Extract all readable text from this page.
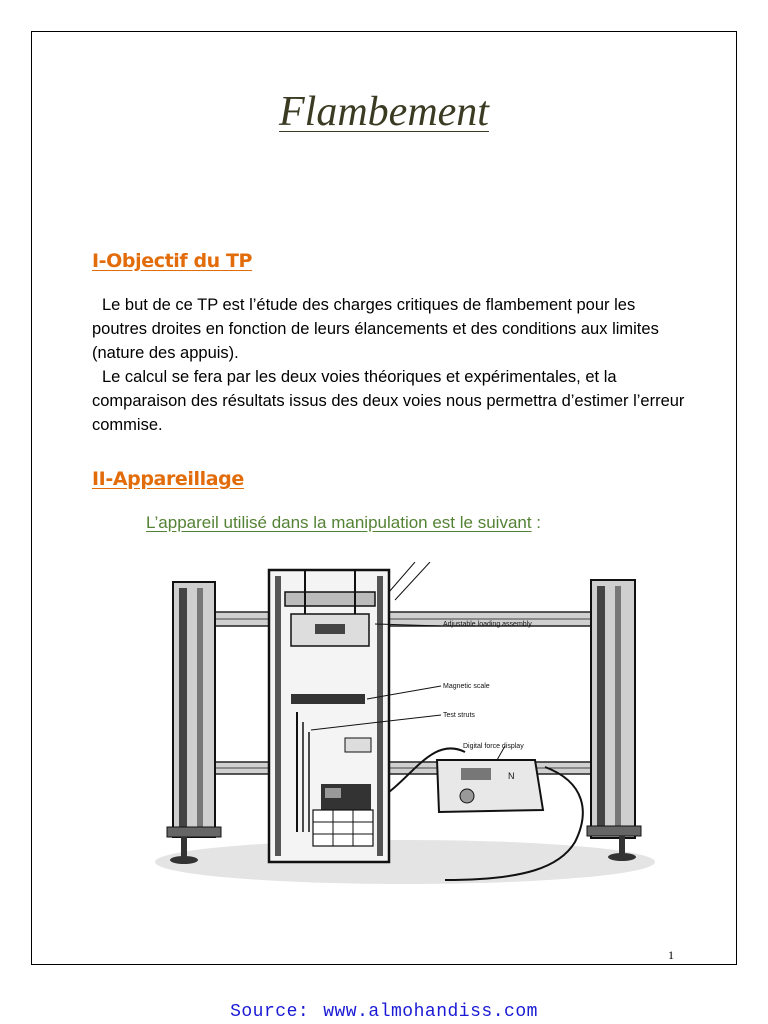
Flambement
I-Objectif du TP

Le but de ce TP est l’étude des charges critiques de flambement pour les poutres droites en fonction de leurs élancements et des conditions aux limites (nature des appuis).

Le calcul se fera par les deux voies théoriques et expérimentales, et la comparaison des résultats issus des deux voies nous permettra d’estimer l’erreur commise.

II-Appareillage
L’appareil utilisé dans la manipulation est le suivant :
N
Adjustable loading assembly
Magnetic scale
Test struts
Digital force display
1
Source: www.almohandiss.com
